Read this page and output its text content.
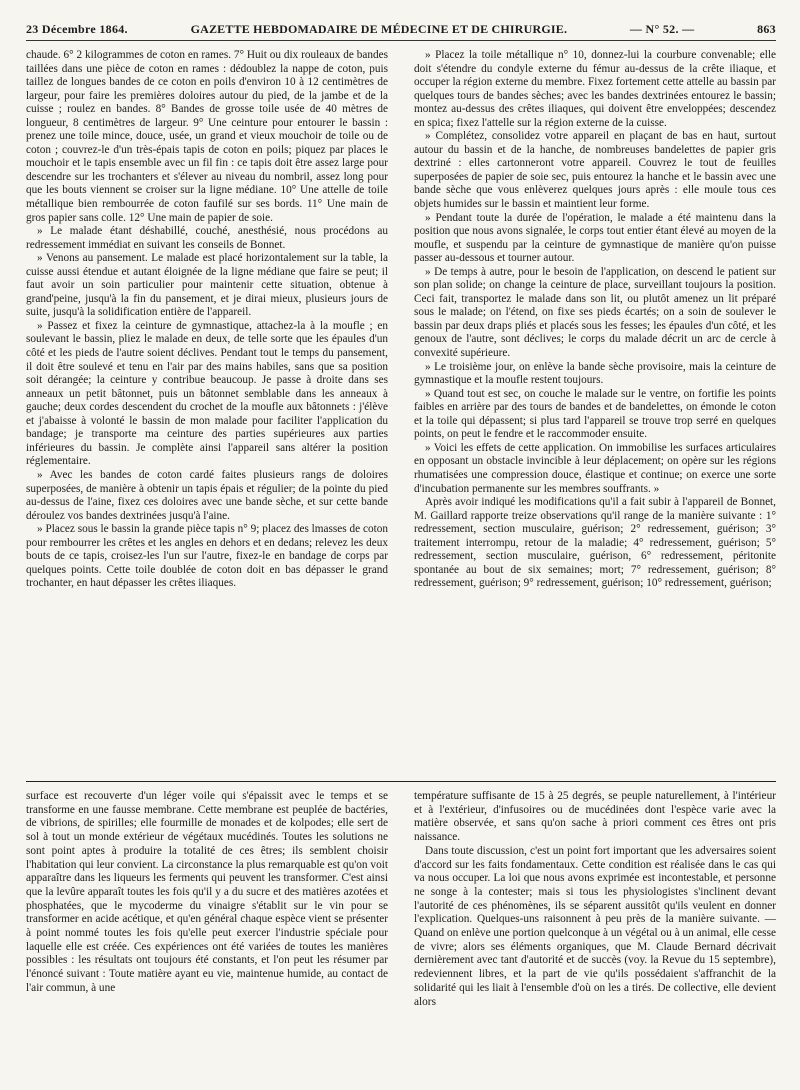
23 Décembre 1864.	GAZETTE HEBDOMADAIRE DE MÉDECINE ET DE CHIRURGIE.	— N° 52. —	863

chaude. 6° 2 kilogrammes de coton en rames. 7° Huit ou dix rouleaux de bandes taillées dans une pièce de coton en rames : dédoublez la nappe de coton, puis taillez de longues bandes de ce coton en poils d'environ 10 à 12 centimètres de largeur, pour faire les premières doloires autour du pied, de la jambe et de la cuisse ; roulez en bandes. 8° Bandes de grosse toile usée de 40 mètres de longueur, 8 centimètres de largeur. 9° Une ceinture pour entourer le bassin : prenez une toile mince, douce, usée, un grand et vieux mouchoir de toile ou de coton ; couvrez-le d'un très-épais tapis de coton en poils; piquez par places le mouchoir et le tapis ensemble avec un fil fin : ce tapis doit être assez large pour descendre sur les trochanters et s'élever au niveau du nombril, assez long pour que les bouts viennent se croiser sur la ligne médiane. 10° Une attelle de toile métallique bien rembourrée de coton faufilé sur ses bords. 11° Une main de gros papier sans colle. 12° Une main de papier de soie.

» Le malade étant déshabillé, couché, anesthésié, nous procédons au redressement immédiat en suivant les conseils de Bonnet.

» Venons au pansement. Le malade est placé horizontalement sur la table, la cuisse aussi étendue et autant éloignée de la ligne médiane que faire se peut; il faut avoir un soin particulier pour maintenir cette situation, obtenue à grand'peine, jusqu'à la fin du pansement, et je dirai mieux, plusieurs jours de suite, jusqu'à la solidification entière de l'appareil.

» Passez et fixez la ceinture de gymnastique, attachez-la à la moufle ; en soulevant le bassin, pliez le malade en deux, de telle sorte que les épaules d'un côté et les pieds de l'autre soient déclives. Pendant tout le temps du pansement, il doit être soulevé et tenu en l'air par des mains habiles, sans que sa position soit dérangée; la ceinture y contribue beaucoup. Je passe à droite dans ses anneaux un petit bâtonnet, puis un bâtonnet semblable dans les anneaux à gauche; deux cordes descendent du crochet de la moufle aux bâtonnets : j'élève et j'abaisse à volonté le bassin de mon malade pour faciliter l'application du bandage; je transporte ma ceinture des parties supérieures aux parties inférieures du bassin. Je complète ainsi l'appareil sans altérer la position réglementaire.

» Avec les bandes de coton cardé faites plusieurs rangs de doloires superposées, de manière à obtenir un tapis épais et régulier; de la pointe du pied au-dessus de l'aine, fixez ces doloires avec une bande sèche, et sur cette bande déroulez vos bandes dextrinées jusqu'à l'aine.

» Placez sous le bassin la grande pièce tapis n° 9; placez des lmasses de coton pour rembourrer les crêtes et les angles en dehors et en dedans; relevez les deux bouts de ce tapis, croisez-les l'un sur l'autre, fixez-le en bandage de corps par quelques points. Cette toile doublée de coton doit en bas dépasser le grand trochanter, en haut dépasser les crêtes iliaques.

» Placez la toile métallique n° 10, donnez-lui la courbure convenable; elle doit s'étendre du condyle externe du fémur au-dessus de la crête iliaque, et occuper la région externe du membre. Fixez fortement cette attelle au bassin par quelques tours de bandes sèches; avec les bandes dextrinées entourez le bassin; montez au-dessus des crêtes iliaques, qui doivent être enveloppées; descendez en spica; fixez l'attelle sur la région externe de la cuisse.

» Complétez, consolidez votre appareil en plaçant de bas en haut, surtout autour du bassin et de la hanche, de nombreuses bandelettes de papier gris dextriné : elles cartonneront votre appareil. Couvrez le tout de feuilles superposées de papier de soie sec, puis entourez la hanche et le bassin avec une bande sèche que vous enlèverez quelques jours après : elle moule tous ces objets humides sur le bassin et maintient leur forme.

» Pendant toute la durée de l'opération, le malade a été maintenu dans la position que nous avons signalée, le corps tout entier étant élevé au moyen de la moufle, et suspendu par la ceinture de gymnastique de manière qu'on puisse passer au-dessous et tourner autour.

» De temps à autre, pour le besoin de l'application, on descend le patient sur son plan solide; on change la ceinture de place, surveillant toujours la position. Ceci fait, transportez le malade dans son lit, ou plutôt amenez un lit préparé sous le malade; on l'étend, on fixe ses pieds écartés; on a soin de soulever le bassin par deux draps pliés et placés sous les fesses; les épaules d'un côté, et les genoux de l'autre, sont déclives; le corps du malade décrit un arc de cercle à convexité supérieure.

» Le troisième jour, on enlève la bande sèche provisoire, mais la ceinture de gymnastique et la moufle restent toujours.

» Quand tout est sec, on couche le malade sur le ventre, on fortifie les points faibles en arrière par des tours de bandes et de bandelettes, on émonde le coton et la toile qui dépassent; si plus tard l'appareil se trouve trop serré en quelques points, on peut le fendre et le raccommoder ensuite.

» Voici les effets de cette application. On immobilise les surfaces articulaires en opposant un obstacle invincible à leur déplacement; on opère sur les régions rhumatisées une compression douce, élastique et continue; on exerce une sorte d'incubation permanente sur les membres souffrants. »

Après avoir indiqué les modifications qu'il a fait subir à l'appareil de Bonnet, M. Gaillard rapporte treize observations qu'il range de la manière suivante : 1° redressement, section musculaire, guérison; 2° redressement, guérison; 3° traitement interrompu, retour de la maladie; 4° redressement, guérison; 5° redressement, section musculaire, guérison, 6° redressement, péritonite spontanée au bout de six semaines; mort; 7° redressement, guérison; 8° redressement, guérison; 9° redressement, guérison; 10° redressement, guérison;

surface est recouverte d'un léger voile qui s'épaissit avec le temps et se transforme en une fausse membrane. Cette membrane est peuplée de bactéries, de vibrions, de spirilles; elle fourmille de monades et de kolpodes; elle sert de sol à tout un monde extérieur de végétaux mucédinés. Toutes les solutions ne sont point aptes à produire la totalité de ces êtres; ils semblent choisir l'habitation qui leur convient. La circonstance la plus remarquable est qu'on voit apparaître dans les liqueurs les ferments qui peuvent les transformer. C'est ainsi que la levûre apparaît toutes les fois qu'il y a du sucre et des matières azotées et phosphatées, que le mycoderme du vinaigre s'établit sur le vin pour se transformer en acide acétique, et qu'en général chaque espèce vient se présenter à point nommé toutes les fois qu'elle peut exercer l'industrie spéciale pour laquelle elle est créée. Ces expériences ont été variées de toutes les manières possibles : les résultats ont toujours été constants, et l'on peut les résumer par l'énoncé suivant : Toute matière ayant eu vie, maintenue humide, au contact de l'air commun, à une

température suffisante de 15 à 25 degrés, se peuple naturellement, à l'intérieur et à l'extérieur, d'infusoires ou de mucédinées dont l'espèce varie avec la matière observée, et sans qu'on sache à priori comment ces êtres ont pris naissance.

Dans toute discussion, c'est un point fort important que les adversaires soient d'accord sur les faits fondamentaux. Cette condition est réalisée dans le cas qui va nous occuper. La loi que nous avons exprimée est incontestable, et personne ne songe à la contester; mais si tous les physiologistes s'inclinent devant l'autorité de ces phénomènes, ils se séparent aussitôt qu'ils veulent en donner l'explication. Quelques-uns raisonnent à peu près de la manière suivante. — Quand on enlève une portion quelconque à un végétal ou à un animal, elle cesse de vivre; alors ses éléments organiques, que M. Claude Bernard décrivait dernièrement avec tant d'autorité et de succès (voy. la Revue du 15 septembre), redeviennent libres, et la part de vie qu'ils possédaient s'affranchit de la solidarité qui les liait à l'ensemble d'où on les a tirés. De collective, elle devient alors
